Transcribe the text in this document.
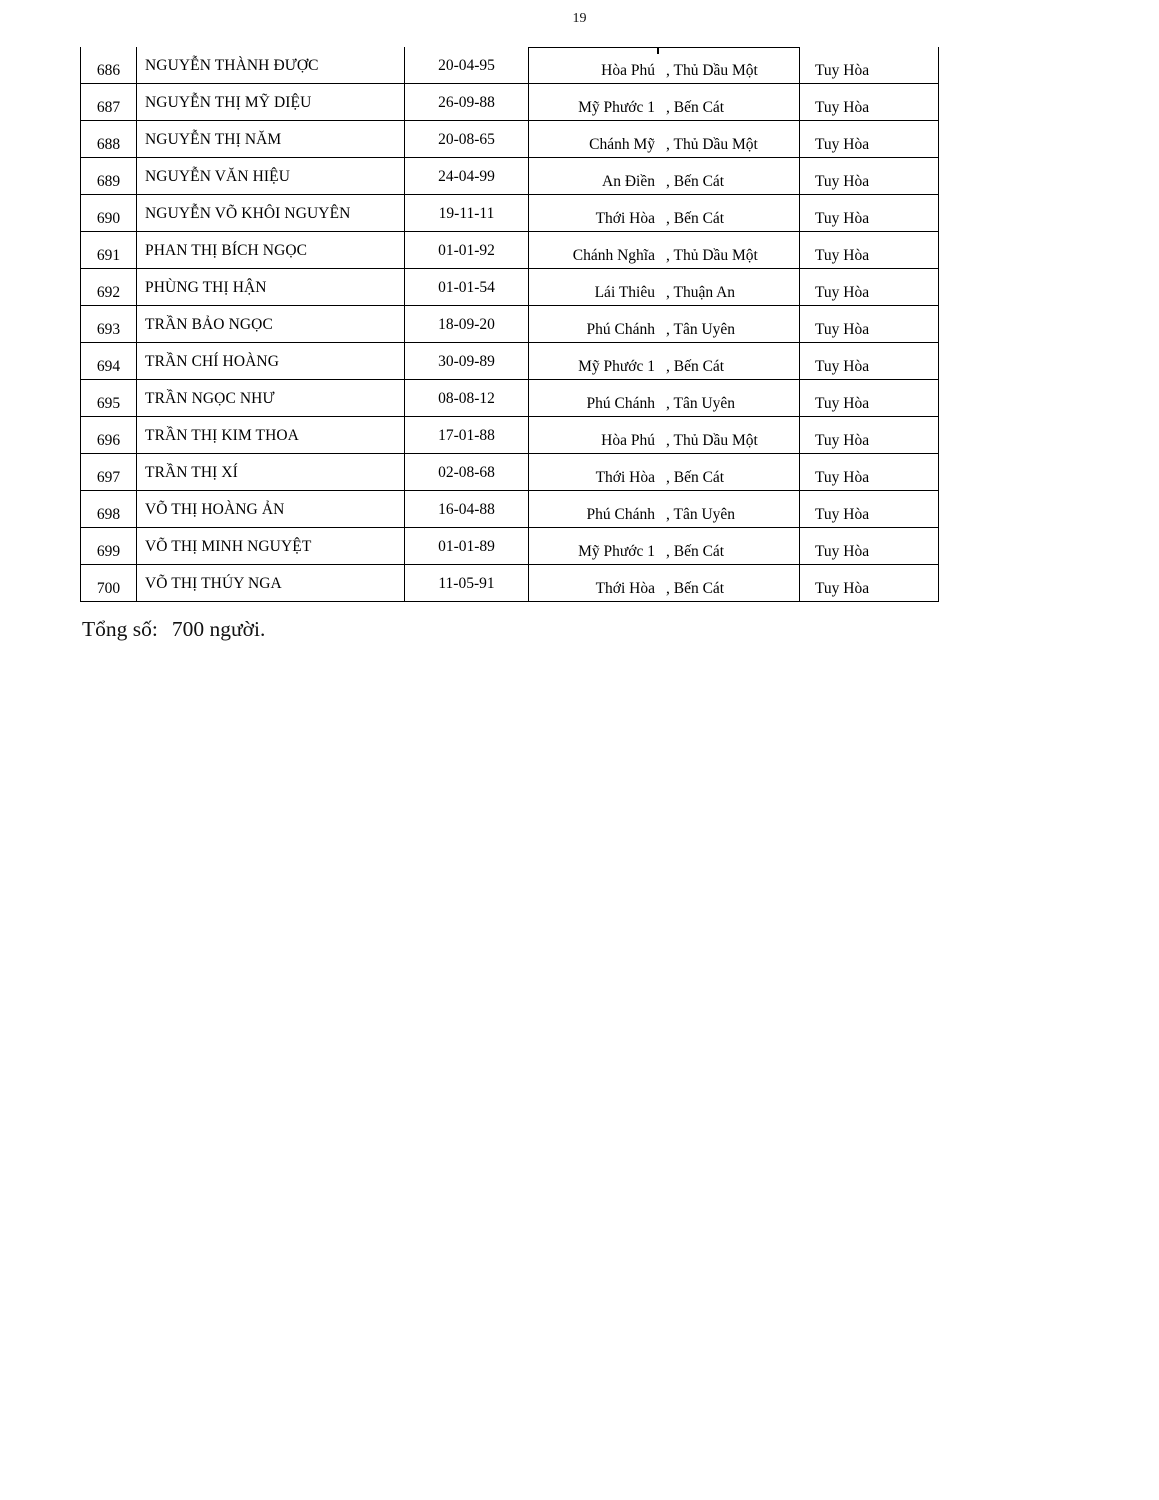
19
686	NGUYỄN THÀNH ĐƯỢC	20-04-95	Hòa Phú , Thủ Dầu Một	Tuy Hòa
687	NGUYỄN THỊ MỸ DIỆU	26-09-88	Mỹ Phước 1 , Bến Cát	Tuy Hòa
688	NGUYỄN THỊ NĂM	20-08-65	Chánh Mỹ , Thủ Dầu Một	Tuy Hòa
689	NGUYỄN VĂN HIỆU	24-04-99	An Điền , Bến Cát	Tuy Hòa
690	NGUYỄN VÕ KHÔI NGUYÊN	19-11-11	Thới Hòa , Bến Cát	Tuy Hòa
691	PHAN THỊ BÍCH NGỌC	01-01-92	Chánh Nghĩa , Thủ Dầu Một	Tuy Hòa
692	PHÙNG THỊ HẬN	01-01-54	Lái Thiêu , Thuận An	Tuy Hòa
693	TRẦN BẢO NGỌC	18-09-20	Phú Chánh , Tân Uyên	Tuy Hòa
694	TRẦN CHÍ HOÀNG	30-09-89	Mỹ Phước 1 , Bến Cát	Tuy Hòa
695	TRẦN NGỌC NHƯ	08-08-12	Phú Chánh , Tân Uyên	Tuy Hòa
696	TRẦN THỊ KIM THOA	17-01-88	Hòa Phú , Thủ Dầu Một	Tuy Hòa
697	TRẦN THỊ XÍ	02-08-68	Thới Hòa , Bến Cát	Tuy Hòa
698	VÕ THỊ HOÀNG ẢN	16-04-88	Phú Chánh , Tân Uyên	Tuy Hòa
699	VÕ THỊ MINH NGUYỆT	01-01-89	Mỹ Phước 1 , Bến Cát	Tuy Hòa
700	VÕ THỊ THÚY NGA	11-05-91	Thới Hòa , Bến Cát	Tuy Hòa
Tổng số: 700 người.
